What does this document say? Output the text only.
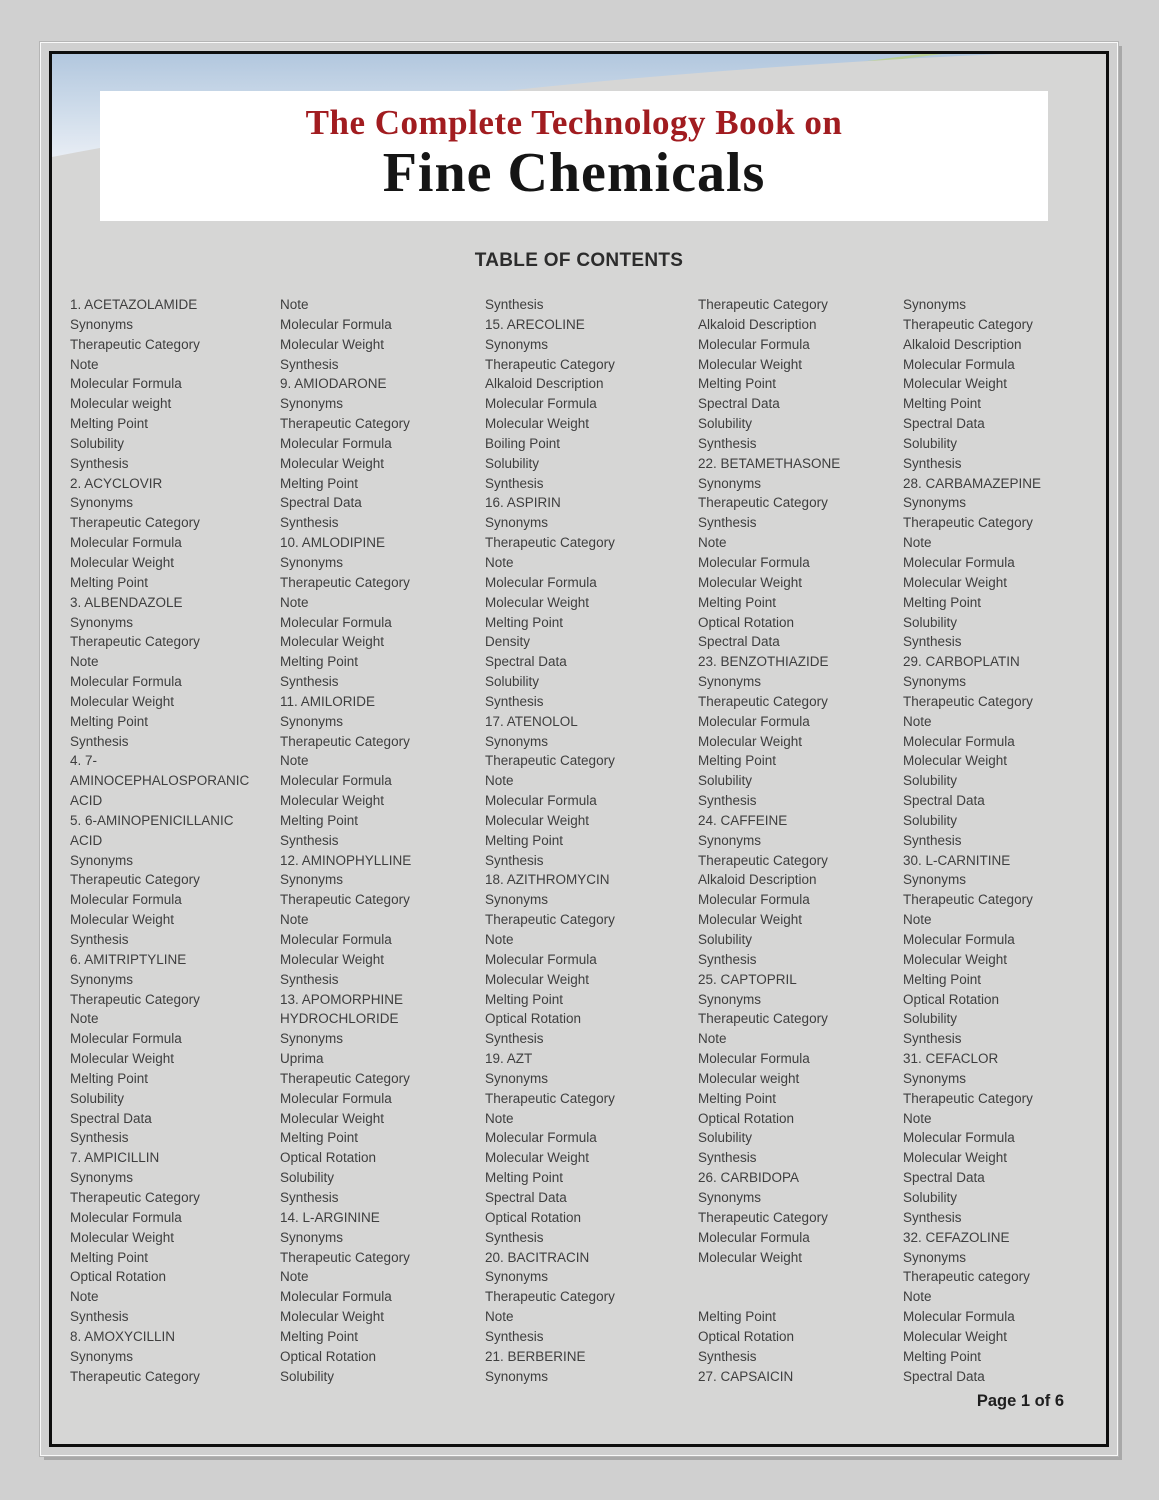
The Complete Technology Book on
Fine Chemicals
TABLE OF CONTENTS
1. ACETAZOLAMIDE
Synonyms
Therapeutic Category
Note
Molecular Formula
Molecular weight
Melting Point
Solubility
Synthesis
2. ACYCLOVIR
Synonyms
Therapeutic Category
Molecular Formula
Molecular Weight
Melting Point
3. ALBENDAZOLE
Synonyms
Therapeutic Category
Note
Molecular Formula
Molecular Weight
Melting Point
Synthesis
4. 7-
AMINOCEPHALOSPORANIC
ACID
5. 6-AMINOPENICILLANIC
ACID
Synonyms
Therapeutic Category
Molecular Formula
Molecular Weight
Synthesis
6. AMITRIPTYLINE
Synonyms
Therapeutic Category
Note
Molecular Formula
Molecular Weight
Melting Point
Solubility
Spectral Data
Synthesis
7. AMPICILLIN
Synonyms
Therapeutic Category
Molecular Formula
Molecular Weight
Melting Point
Optical Rotation
Note
Synthesis
8. AMOXYCILLIN
Synonyms
Therapeutic Category
Note
Molecular Formula
Molecular Weight
Synthesis
9. AMIODARONE
Synonyms
Therapeutic Category
Molecular Formula
Molecular Weight
Melting Point
Spectral Data
Synthesis
10. AMLODIPINE
Synonyms
Therapeutic Category
Note
Molecular Formula
Molecular Weight
Melting Point
Synthesis
11. AMILORIDE
Synonyms
Therapeutic Category
Note
Molecular Formula
Molecular Weight
Melting Point
Synthesis
12. AMINOPHYLLINE
Synonyms
Therapeutic Category
Note
Molecular Formula
Molecular Weight
Synthesis
13. APOMORPHINE
HYDROCHLORIDE
Synonyms
Uprima
Therapeutic Category
Molecular Formula
Molecular Weight
Melting Point
Optical Rotation
Solubility
Synthesis
14. L-ARGININE
Synonyms
Therapeutic Category
Note
Molecular Formula
Molecular Weight
Melting Point
Optical Rotation
Solubility
Synthesis
15. ARECOLINE
Synonyms
Therapeutic Category
Alkaloid Description
Molecular Formula
Molecular Weight
Boiling Point
Solubility
Synthesis
16. ASPIRIN
Synonyms
Therapeutic Category
Note
Molecular Formula
Molecular Weight
Melting Point
Density
Spectral Data
Solubility
Synthesis
17. ATENOLOL
Synonyms
Therapeutic Category
Note
Molecular Formula
Molecular Weight
Melting Point
Synthesis
18. AZITHROMYCIN
Synonyms
Therapeutic Category
Note
Molecular Formula
Molecular Weight
Melting Point
Optical Rotation
Synthesis
19. AZT
Synonyms
Therapeutic Category
Note
Molecular Formula
Molecular Weight
Melting Point
Spectral Data
Optical Rotation
Synthesis
20. BACITRACIN
Synonyms
Therapeutic Category
Note
Synthesis
21. BERBERINE
Synonyms
Therapeutic Category
Alkaloid Description
Molecular Formula
Molecular Weight
Melting Point
Spectral Data
Solubility
Synthesis
22. BETAMETHASONE
Synonyms
Therapeutic Category
Synthesis
Note
Molecular Formula
Molecular Weight
Melting Point
Optical Rotation
Spectral Data
23. BENZOTHIAZIDE
Synonyms
Therapeutic Category
Molecular Formula
Molecular Weight
Melting Point
Solubility
Synthesis
24. CAFFEINE
Synonyms
Therapeutic Category
Alkaloid Description
Molecular Formula
Molecular Weight
Solubility
Synthesis
25. CAPTOPRIL
Synonyms
Therapeutic Category
Note
Molecular Formula
Molecular weight
Melting Point
Optical Rotation
Solubility
Synthesis
26. CARBIDOPA
Synonyms
Therapeutic Category
Molecular Formula
Molecular Weight

Melting Point
Optical Rotation
Synthesis
27. CAPSAICIN
Synonyms
Therapeutic Category
Alkaloid Description
Molecular Formula
Molecular Weight
Melting Point
Spectral Data
Solubility
Synthesis
28. CARBAMAZEPINE
Synonyms
Therapeutic Category
Note
Molecular Formula
Molecular Weight
Melting Point
Solubility
Synthesis
29. CARBOPLATIN
Synonyms
Therapeutic Category
Note
Molecular Formula
Molecular Weight
Solubility
Spectral Data
Solubility
Synthesis
30. L-CARNITINE
Synonyms
Therapeutic Category
Note
Molecular Formula
Molecular Weight
Melting Point
Optical Rotation
Solubility
Synthesis
31. CEFACLOR
Synonyms
Therapeutic Category
Note
Molecular Formula
Molecular Weight
Spectral Data
Solubility
Synthesis
32. CEFAZOLINE
Synonyms
Therapeutic category
Note
Molecular Formula
Molecular Weight
Melting Point
Spectral Data
Page 1 of 6
